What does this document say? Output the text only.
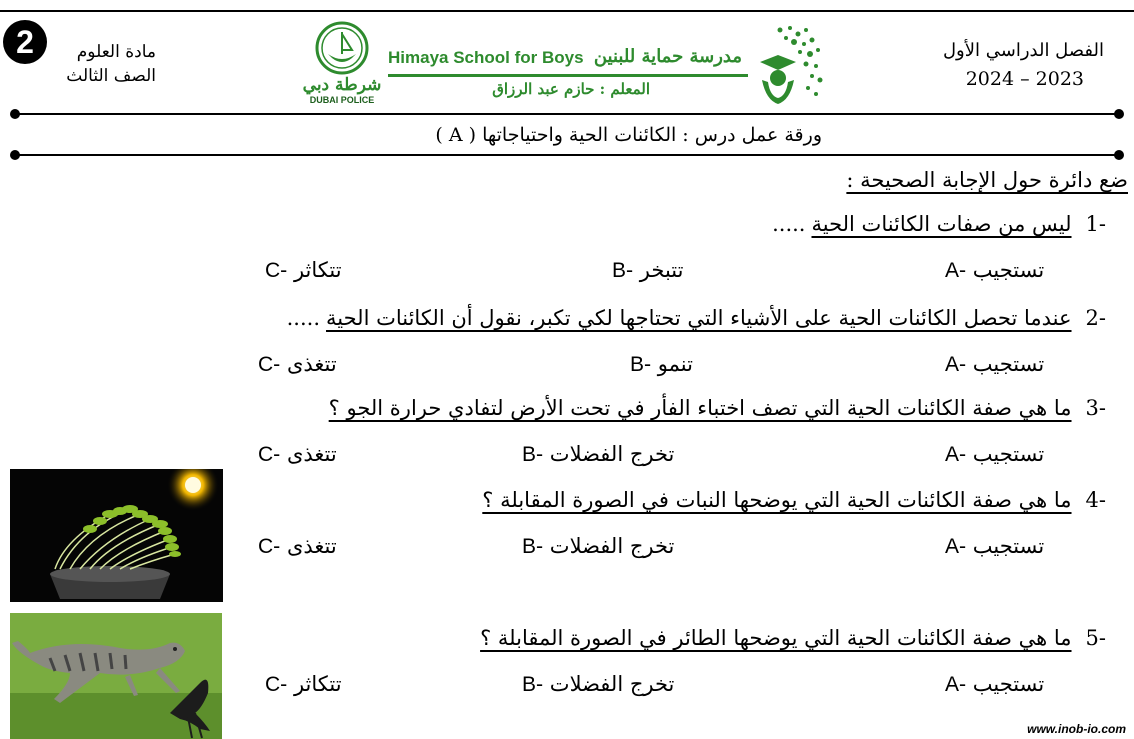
2	مادة العلوم
الصف الثالث	شرطة دبي
DUBAI POLICE
Himaya School for Boys مدرسة حماية للبنين
المعلم : حازم عبد الرزاق
الفصل الدراسي الأول
2024 – 2023
ورقة عمل درس : الكائنات الحية واحتياجاتها ( A )
ضع دائرة حول الإجابة الصحيحة :
-1
ليس من صفات الكائنات الحية
.....
A- تستجيب
B- تتبخر
C- تتكاثر
-2
عندما تحصل الكائنات الحية على الأشياء التي تحتاجها لكي تكبر، نقول أن الكائنات الحية
.....
A- تستجيب
B- تنمو
C- تتغذى
-3
ما هي صفة الكائنات الحية التي تصف اختباء الفأر في تحت الأرض لتفادي حرارة الجو ؟
A- تستجيب
B- تخرج الفضلات
C- تتغذى
-4
ما هي صفة الكائنات الحية التي يوضحها النبات في الصورة المقابلة ؟
A- تستجيب
B- تخرج الفضلات
C- تتغذى
-5
ما هي صفة الكائنات الحية التي يوضحها الطائر في الصورة المقابلة ؟
A- تستجيب
B- تخرج الفضلات
C- تتكاثر
www.inob-io.com
